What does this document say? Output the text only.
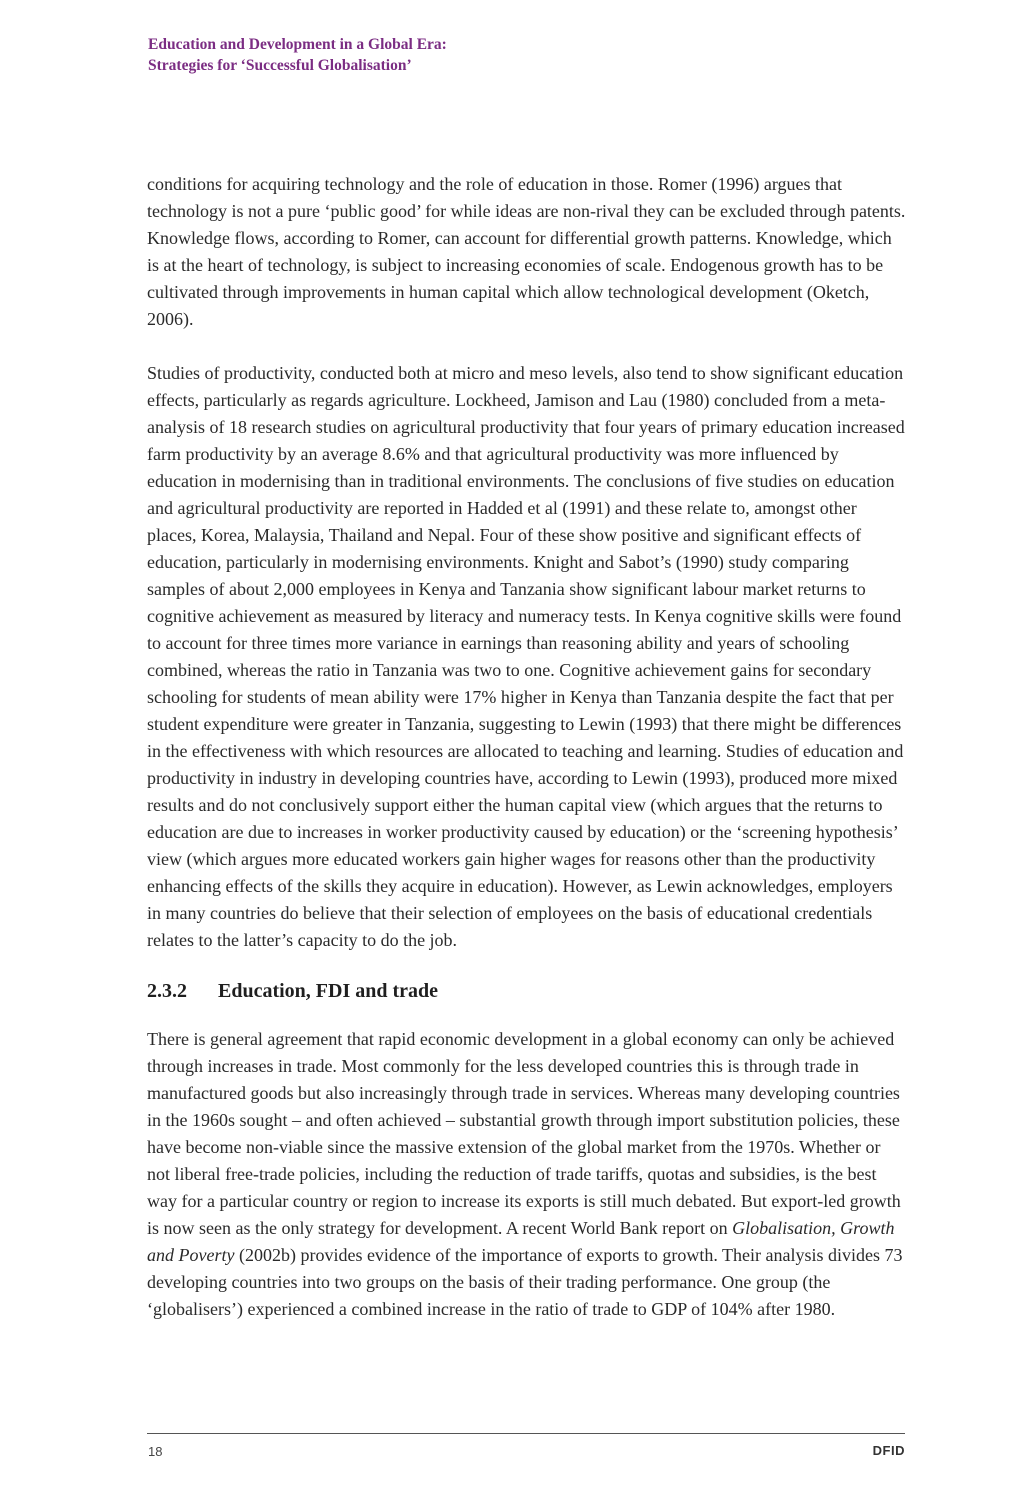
Education and Development in a Global Era:
Strategies for ‘Successful Globalisation’

conditions for acquiring technology and the role of education in those. Romer (1996) argues that technology is not a pure ‘public good’ for while ideas are non-rival they can be excluded through patents. Knowledge flows, according to Romer, can account for differential growth patterns. Knowledge, which is at the heart of technology, is subject to increasing economies of scale. Endogenous growth has to be cultivated through improvements in human capital which allow technological development (Oketch, 2006).

Studies of productivity, conducted both at micro and meso levels, also tend to show significant education effects, particularly as regards agriculture. Lockheed, Jamison and Lau (1980) concluded from a meta-analysis of 18 research studies on agricultural productivity that four years of primary education increased farm productivity by an average 8.6% and that agricultural productivity was more influenced by education in modernising than in traditional environments. The conclusions of five studies on education and agricultural productivity are reported in Hadded et al (1991) and these relate to, amongst other places, Korea, Malaysia, Thailand and Nepal. Four of these show positive and significant effects of education, particularly in modernising environments. Knight and Sabot’s (1990) study comparing samples of about 2,000 employees in Kenya and Tanzania show significant labour market returns to cognitive achievement as measured by literacy and numeracy tests. In Kenya cognitive skills were found to account for three times more variance in earnings than reasoning ability and years of schooling combined, whereas the ratio in Tanzania was two to one. Cognitive achievement gains for secondary schooling for students of mean ability were 17% higher in Kenya than Tanzania despite the fact that per student expenditure were greater in Tanzania, suggesting to Lewin (1993) that there might be differences in the effectiveness with which resources are allocated to teaching and learning. Studies of education and productivity in industry in developing countries have, according to Lewin (1993), produced more mixed results and do not conclusively support either the human capital view (which argues that the returns to education are due to increases in worker productivity caused by education) or the ‘screening hypothesis’ view (which argues more educated workers gain higher wages for reasons other than the productivity enhancing effects of the skills they acquire in education). However, as Lewin acknowledges, employers in many countries do believe that their selection of employees on the basis of educational credentials relates to the latter’s capacity to do the job.

2.3.2 Education, FDI and trade

There is general agreement that rapid economic development in a global economy can only be achieved through increases in trade. Most commonly for the less developed countries this is through trade in manufactured goods but also increasingly through trade in services. Whereas many developing countries in the 1960s sought – and often achieved – substantial growth through import substitution policies, these have become non-viable since the massive extension of the global market from the 1970s. Whether or not liberal free-trade policies, including the reduction of trade tariffs, quotas and subsidies, is the best way for a particular country or region to increase its exports is still much debated. But export-led growth is now seen as the only strategy for development. A recent World Bank report on Globalisation, Growth and Poverty (2002b) provides evidence of the importance of exports to growth. Their analysis divides 73 developing countries into two groups on the basis of their trading performance. One group (the ‘globalisers’) experienced a combined increase in the ratio of trade to GDP of 104% after 1980.

18	DFID
